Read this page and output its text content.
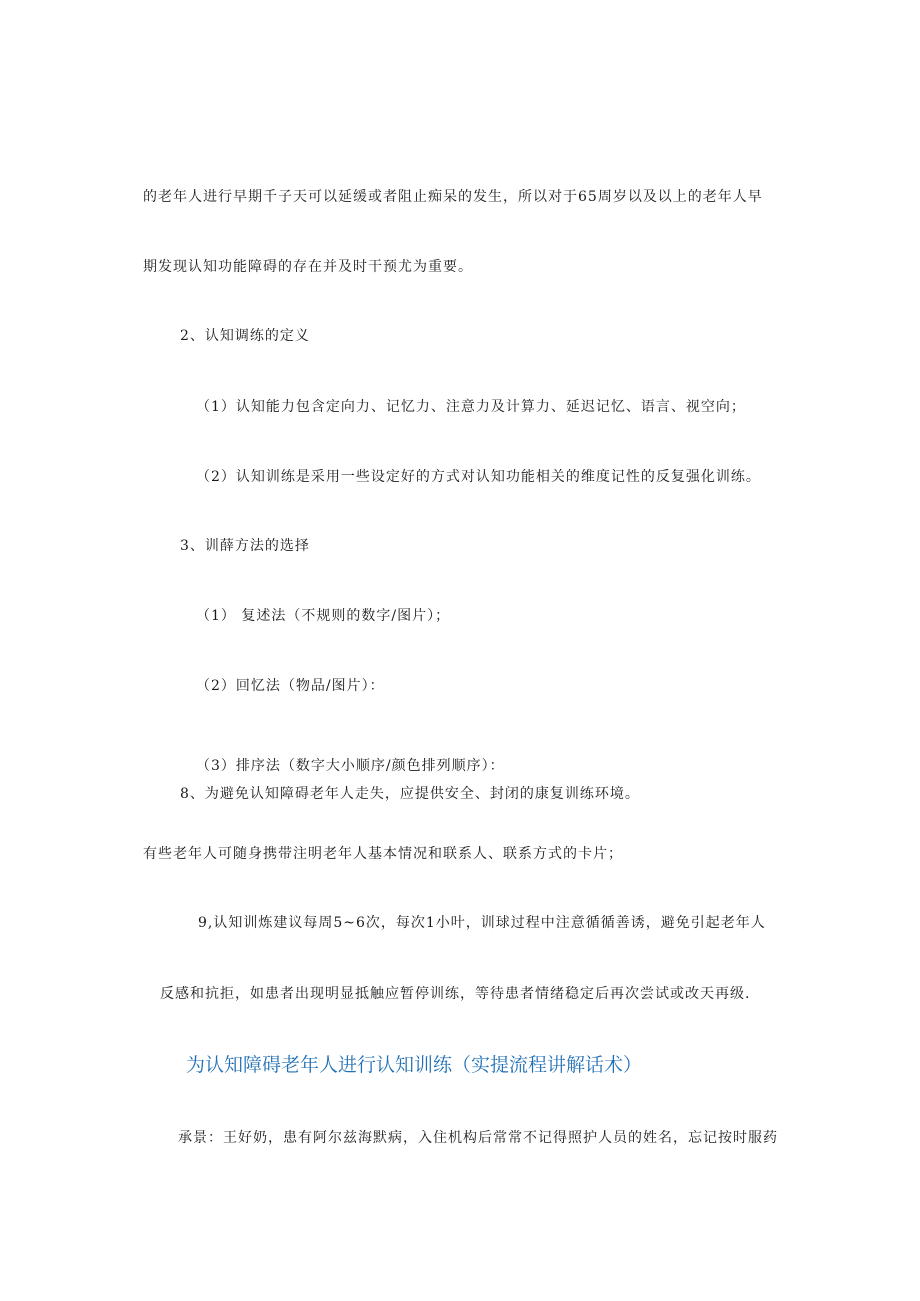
的老年人进行早期千子天可以延缓或者阻止痴呆的发生，所以对于65周岁以及以上的老年人早
期发现认知功能障碍的存在并及时干预尤为重要。
2、认知调练的定义
（1）认知能力包含定向力、记忆力、注意力及计算力、延迟记忆、语言、视空向；
（2）认知训练是采用一些设定好的方式对认知功能相关的维度记性的反复强化训练。
3、训薛方法的选择
（1） 复述法（不规则的数字/图片）；
（2）回忆法（物品/图片）：
（3）排序法（数字大小顺序/颜色排列顺序）：
8、为避免认知障碍老年人走失，应提供安全、封闭的康复训练环境。
有些老年人可随身携带注明老年人基本情况和联系人、联系方式的卡片；
9,认知训炼建议每周5~6次，每次1小叶，训球过程中注意循循善诱，避免引起老年人
反感和抗拒，如患者出现明显抵触应暂停训练，等待患者情绪稳定后再次尝试或改天再级.
为认知障碍老年人进行认知训练（实提流程讲解话术）
承景：王好奶，患有阿尔兹海默病，入住机构后常常不记得照护人员的姓名，忘记按时服药
